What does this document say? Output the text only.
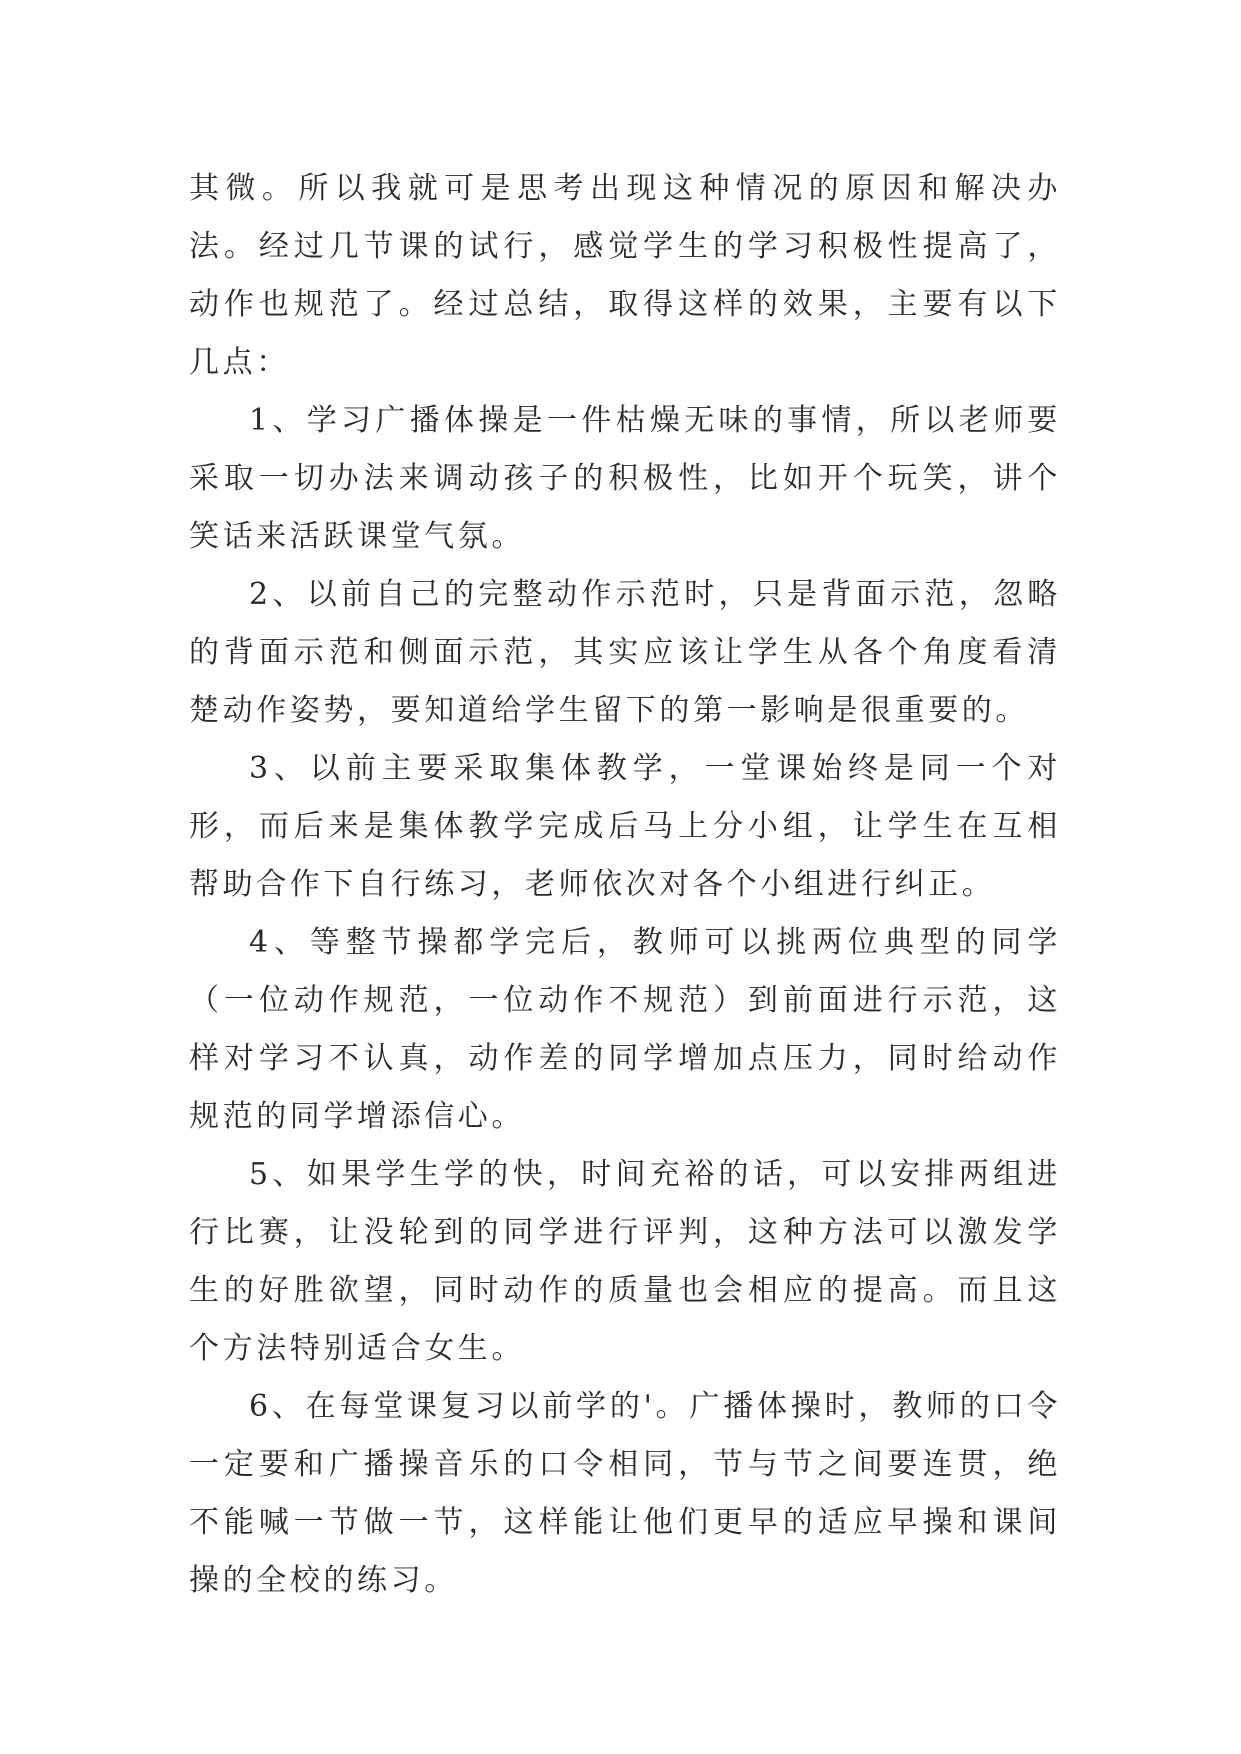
其微。所以我就可是思考出现这种情况的原因和解决办法。经过几节课的试行，感觉学生的学习积极性提高了，动作也规范了。经过总结，取得这样的效果，主要有以下几点：

1、学习广播体操是一件枯燥无味的事情，所以老师要采取一切办法来调动孩子的积极性，比如开个玩笑，讲个笑话来活跃课堂气氛。

2、以前自己的完整动作示范时，只是背面示范，忽略的背面示范和侧面示范，其实应该让学生从各个角度看清楚动作姿势，要知道给学生留下的第一影响是很重要的。

3、以前主要采取集体教学，一堂课始终是同一个对形，而后来是集体教学完成后马上分小组，让学生在互相帮助合作下自行练习，老师依次对各个小组进行纠正。

4、等整节操都学完后，教师可以挑两位典型的同学（一位动作规范，一位动作不规范）到前面进行示范，这样对学习不认真，动作差的同学增加点压力，同时给动作规范的同学增添信心。

5、如果学生学的快，时间充裕的话，可以安排两组进行比赛，让没轮到的同学进行评判，这种方法可以激发学生的好胜欲望，同时动作的质量也会相应的提高。而且这个方法特别适合女生。

6、在每堂课复习以前学的'。广播体操时，教师的口令一定要和广播操音乐的口令相同，节与节之间要连贯，绝不能喊一节做一节，这样能让他们更早的适应早操和课间操的全校的练习。
